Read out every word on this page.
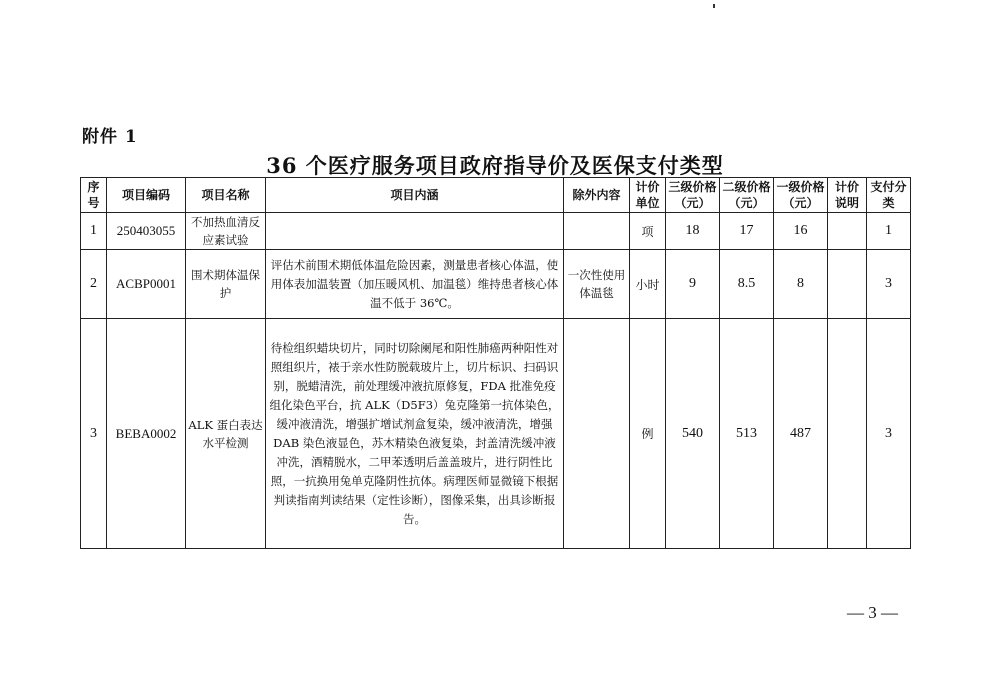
附件 1
36 个医疗服务项目政府指导价及医保支付类型
序号	项目编码	项目名称	项目内涵	除外内容	计价单位	三级价格（元）	二级价格（元）	一级价格（元）	计价说明	支付分类
1	250403055	不加热血清反应素试验			项	18	17	16		1
2	ACBP0001	围术期体温保护	评估术前围术期低体温危险因素，测量患者核心体温，使用体表加温装置（加压暖风机、加温毯）维持患者核心体温不低于 36℃。	一次性使用体温毯	小时	9	8.5	8		3
3	BEBA0002	ALK 蛋白表达水平检测	待检组织蜡块切片，同时切除阑尾和阳性肺癌两种阳性对照组织片，裱于亲水性防脱载玻片上，切片标识、扫码识别，脱蜡清洗，前处理缓冲液抗原修复，FDA 批准免疫组化染色平台，抗 ALK（D5F3）兔克隆第一抗体染色，缓冲液清洗，增强扩增试剂盒复染，缓冲液清洗，增强 DAB 染色液显色，苏木精染色液复染，封盖清洗缓冲液冲洗，酒精脱水，二甲苯透明后盖盖玻片，进行阴性比照，一抗换用兔单克隆阴性抗体。病理医师显微镜下根据判读指南判读结果（定性诊断），图像采集，出具诊断报告。		例	540	513	487		3
— 3 —
